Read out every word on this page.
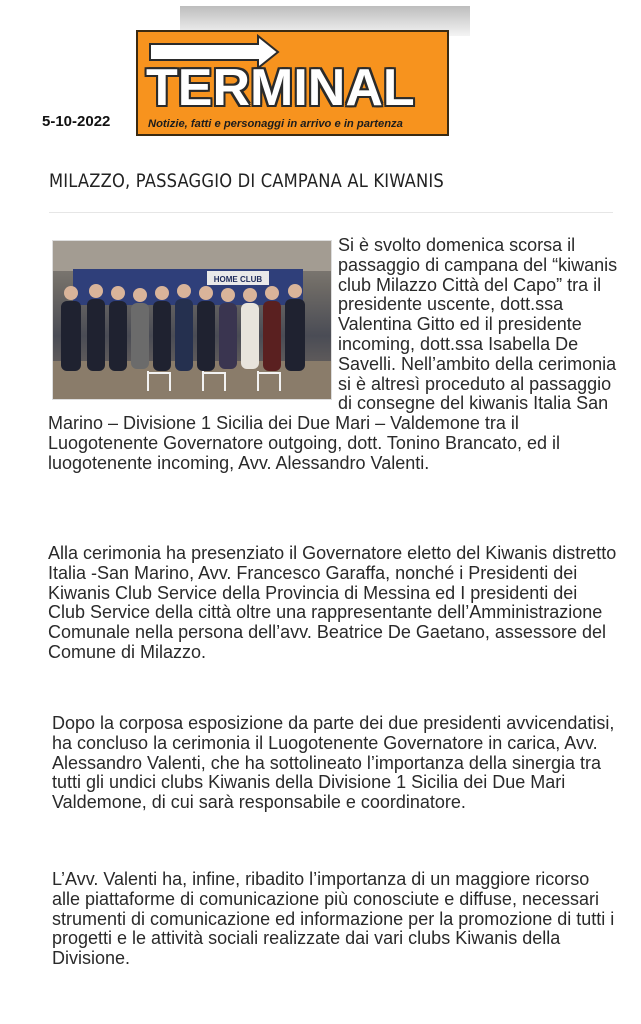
5-10-2022
TERMINAL
Notizie, fatti e personaggi in arrivo e in partenza
MILAZZO, PASSAGGIO DI CAMPANA AL KIWANIS
HOME CLUB

Si è svolto domenica scorsa il passaggio di campana del “kiwanis club Milazzo Città del Capo” tra il presidente uscente, dott.ssa Valentina Gitto ed il presidente incoming, dott.ssa Isabella De Savelli. Nell’ambito della cerimonia si è altresì proceduto al passaggio di consegne del kiwanis Italia San Marino – Divisione 1 Sicilia dei Due Mari – Valdemone tra il Luogotenente Governatore outgoing, dott. Tonino Brancato, ed il luogotenente incoming, Avv. Alessandro Valenti.

Alla cerimonia ha presenziato il Governatore eletto del Kiwanis distretto Italia -San Marino, Avv. Francesco Garaffa, nonché i Presidenti dei Kiwanis Club Service della Provincia di Messina ed I presidenti dei Club Service della città oltre una rappresentante dell’Amministrazione Comunale nella persona dell’avv. Beatrice De Gaetano, assessore del Comune di Milazzo.

Dopo la corposa esposizione da parte dei due presidenti avvicendatisi, ha concluso la cerimonia il Luogotenente Governatore in carica, Avv. Alessandro Valenti, che ha sottolineato l’importanza della sinergia tra tutti gli undici clubs Kiwanis della Divisione 1 Sicilia dei Due Mari Valdemone, di cui sarà responsabile e coordinatore.

L’Avv. Valenti ha, infine, ribadito l’importanza di un maggiore ricorso alle piattaforme di comunicazione più conosciute e diffuse, necessari strumenti di comunicazione ed informazione per la promozione di tutti i progetti e le attività sociali realizzate dai vari clubs Kiwanis della Divisione.
